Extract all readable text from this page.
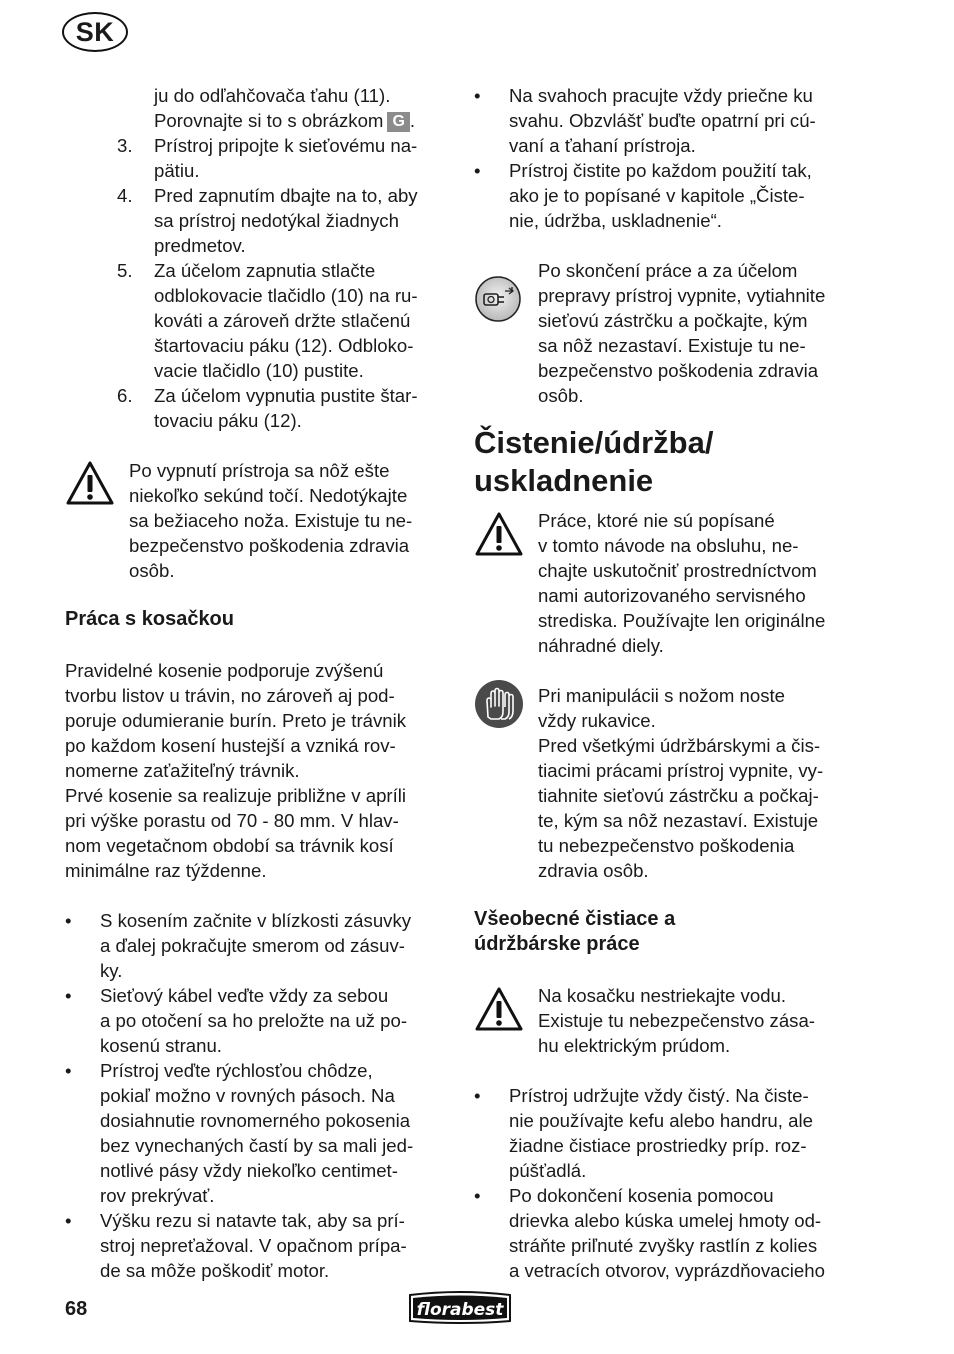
SK
ju do odľahčovača ťahu (11).
Porovnajte si to s obrázkom G .
3. Prístroj pripojte k sieťovému na-
pätiu.
4. Pred zapnutím dbajte na to, aby
sa prístroj nedotýkal žiadnych
predmetov.
5. Za účelom zapnutia stlačte
odblokovacie tlačidlo (10) na ru-
kováti a zároveň držte stlačenú
štartovaciu páku (12). Odbloko-
vacie tlačidlo (10) pustite.
6. Za účelom vypnutia pustite štar-
tovaciu páku (12).
Po vypnutí prístroja sa nôž ešte
niekoľko sekúnd točí. Nedotýkajte
sa bežiaceho noža. Existuje tu ne-
bezpečenstvo poškodenia zdravia
osôb.
Práca s kosačkou
Pravidelné kosenie podporuje zvýšenú
tvorbu listov u trávin, no zároveň aj pod-
poruje odumieranie burín. Preto je trávnik
po každom kosení hustejší a vzniká rov-
nomerne zaťažiteľný trávnik.
Prvé kosenie sa realizuje približne v apríli
pri výške porastu od 70 - 80 mm. V hlav-
nom vegetačnom období sa trávnik kosí
minimálne raz týždenne.
• S kosením začnite v blízkosti zásuvky
a ďalej pokračujte smerom od zásuv-
ky.
• Sieťový kábel veďte vždy za sebou
a po otočení sa ho preložte na už po-
kosenú stranu.
• Prístroj veďte rýchlosťou chôdze,
pokiaľ možno v rovných pásoch. Na
dosiahnutie rovnomerného pokosenia
bez vynechaných častí by sa mali jed-
notlivé pásy vždy niekoľko centimet-
rov prekrývať.
• Výšku rezu si natavte tak, aby sa prí-
stroj nepreťažoval. V opačnom prípa-
de sa môže poškodiť motor.
• Na svahoch pracujte vždy priečne ku
svahu. Obzvlášť buďte opatrní pri cú-
vaní a ťahaní prístroja.
• Prístroj čistite po každom použití tak,
ako je to popísané v kapitole „Čiste-
nie, údržba, uskladnenie“.
Po skončení práce a za účelom
prepravy prístroj vypnite, vytiahnite
sieťovú zástrčku a počkajte, kým
sa nôž nezastaví. Existuje tu ne-
bezpečenstvo poškodenia zdravia
osôb.
Čistenie/údržba/
uskladnenie
Práce, ktoré nie sú popísané
v tomto návode na obsluhu, ne-
chajte uskutočniť prostredníctvom
nami autorizovaného servisného
strediska. Používajte len originálne
náhradné diely.
Pri manipulácii s nožom noste
vždy rukavice.
Pred všetkými údržbárskymi a čis-
tiacimi prácami prístroj vypnite, vy-
tiahnite sieťovú zástrčku a počkaj-
te, kým sa nôž nezastaví. Existuje
tu nebezpečenstvo poškodenia
zdravia osôb.
Všeobecné čistiace a
údržbárske práce
Na kosačku nestriekajte vodu.
Existuje tu nebezpečenstvo zása-
hu elektrickým prúdom.
• Prístroj udržujte vždy čistý. Na čiste-
nie používajte kefu alebo handru, ale
žiadne čistiace prostriedky príp. roz-
púšťadlá.
• Po dokončení kosenia pomocou
drievka alebo kúska umelej hmoty od-
stráňte priľnuté zvyšky rastlín z kolies
a vetracích otvorov, vyprázdňovacieho
68	florabest
